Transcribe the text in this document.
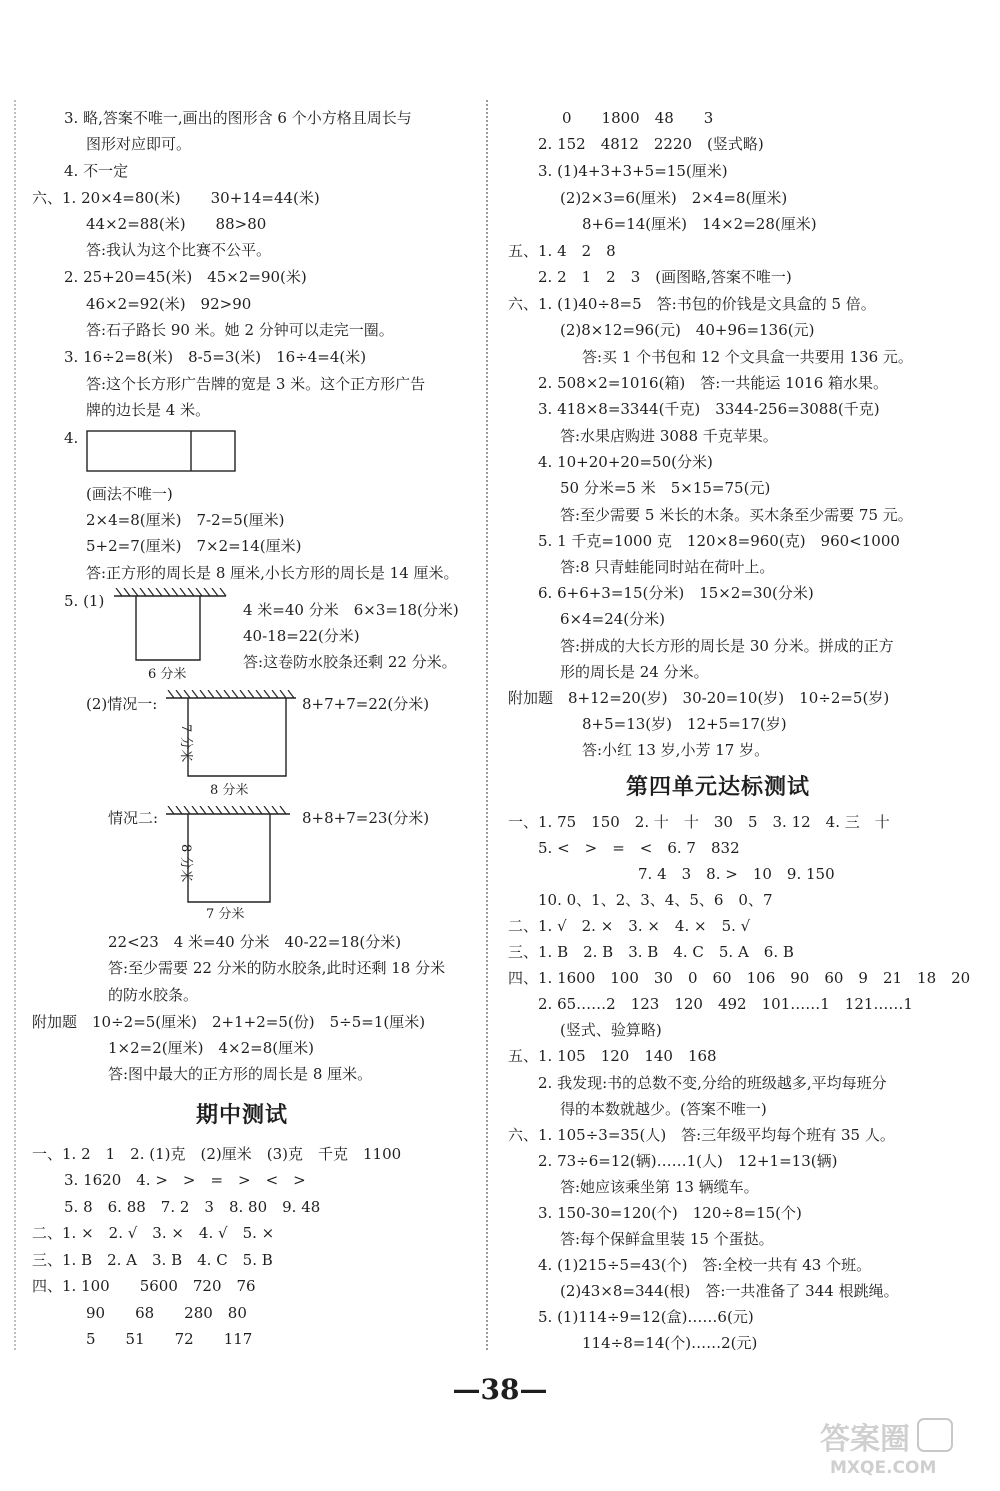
3. 略,答案不唯一,画出的图形含 6 个小方格且周长与
图形对应即可。
4. 不一定
六、1. 20×4=80(米)　　30+14=44(米)
44×2=88(米)　　88>80
答:我认为这个比赛不公平。
2. 25+20=45(米)　45×2=90(米)
46×2=92(米)　92>90
答:石子路长 90 米。她 2 分钟可以走完一圈。
3. 16÷2=8(米)　8-5=3(米)　16÷4=4(米)
答:这个长方形广告牌的宽是 3 米。这个正方形广告
牌的边长是 4 米。
4.
(画法不唯一)
2×4=8(厘米)　7-2=5(厘米)
5+2=7(厘米)　7×2=14(厘米)
答:正方形的周长是 8 厘米,小长方形的周长是 14 厘米。
5. (1)	4 米=40 分米　6×3=18(分米)
40-18=22(分米)
答:这卷防水胶条还剩 22 分米。
(2)情况一:	8+7+7=22(分米)
情况二:	8+8+7=23(分米)
22<23　4 米=40 分米　40-22=18(分米)
答:至少需要 22 分米的防水胶条,此时还剩 18 分米
的防水胶条。
附加题　10÷2=5(厘米)　2+1+2=5(份)　5÷5=1(厘米)
1×2=2(厘米)　4×2=8(厘米)
答:图中最大的正方形的周长是 8 厘米。
一、1. 2　1　2. (1)克　(2)厘米　(3)克　千克　1100
3. 1620　4. >　>　=　>　<　>
5. 8　6. 88　7. 2　3　8. 80　9. 48
二、1. ×　2. √　3. ×　4. √　5. ×
三、1. B　2. A　3. B　4. C　5. B
四、1. 100　　5600　720　76
90　　68　　280　80
5　　51　　72　　117
0　　1800　48　　3
2. 152　4812　2220　(竖式略)
3. (1)4+3+3+5=15(厘米)
(2)2×3=6(厘米)　2×4=8(厘米)
8+6=14(厘米)　14×2=28(厘米)
五、1. 4　2　8
2. 2　1　2　3　(画图略,答案不唯一)
六、1. (1)40÷8=5　答:书包的价钱是文具盒的 5 倍。
(2)8×12=96(元)　40+96=136(元)
答:买 1 个书包和 12 个文具盒一共要用 136 元。
2. 508×2=1016(箱)　答:一共能运 1016 箱水果。
3. 418×8=3344(千克)　3344-256=3088(千克)
答:水果店购进 3088 千克苹果。
4. 10+20+20=50(分米)
50 分米=5 米　5×15=75(元)
答:至少需要 5 米长的木条。买木条至少需要 75 元。
5. 1 千克=1000 克　120×8=960(克)　960<1000
答:8 只青蛙能同时站在荷叶上。
6. 6+6+3=15(分米)　15×2=30(分米)
6×4=24(分米)
答:拼成的大长方形的周长是 30 分米。拼成的正方
形的周长是 24 分米。
附加题　8+12=20(岁)　30-20=10(岁)　10÷2=5(岁)
8+5=13(岁)　12+5=17(岁)
答:小红 13 岁,小芳 17 岁。
一、1. 75　150　2. 十　十　30　5　3. 12　4. 三　十
5. <　>　=　<　6. 7　832
7. 4　3　8. >　10　9. 150
10. 0、1、2、3、4、5、6　0、7
二、1. √　2. ×　3. ×　4. ×　5. √
三、1. B　2. B　3. B　4. C　5. A　6. B
四、1. 1600　100　30　0　60　106　90　60　9　21　18　20
2. 65……2　123　120　492　101……1　121……1
(竖式、验算略)
五、1. 105　120　140　168
2. 我发现:书的总数不变,分给的班级越多,平均每班分
得的本数就越少。(答案不唯一)
六、1. 105÷3=35(人)　答:三年级平均每个班有 35 人。
2. 73÷6=12(辆)……1(人)　12+1=13(辆)
答:她应该乘坐第 13 辆缆车。
3. 150-30=120(个)　120÷8=15(个)
答:每个保鲜盒里装 15 个蛋挞。
4. (1)215÷5=43(个)　答:全校一共有 43 个班。
(2)43×8=344(根)　答:一共准备了 344 根跳绳。
5. (1)114÷9=12(盒)……6(元)
114÷8=14(个)……2(元)
期中测试
第四单元达标测试
6 分米
7 分米
8 分米
8 分米
7 分米
—38—
答案圈
MXQE.COM
